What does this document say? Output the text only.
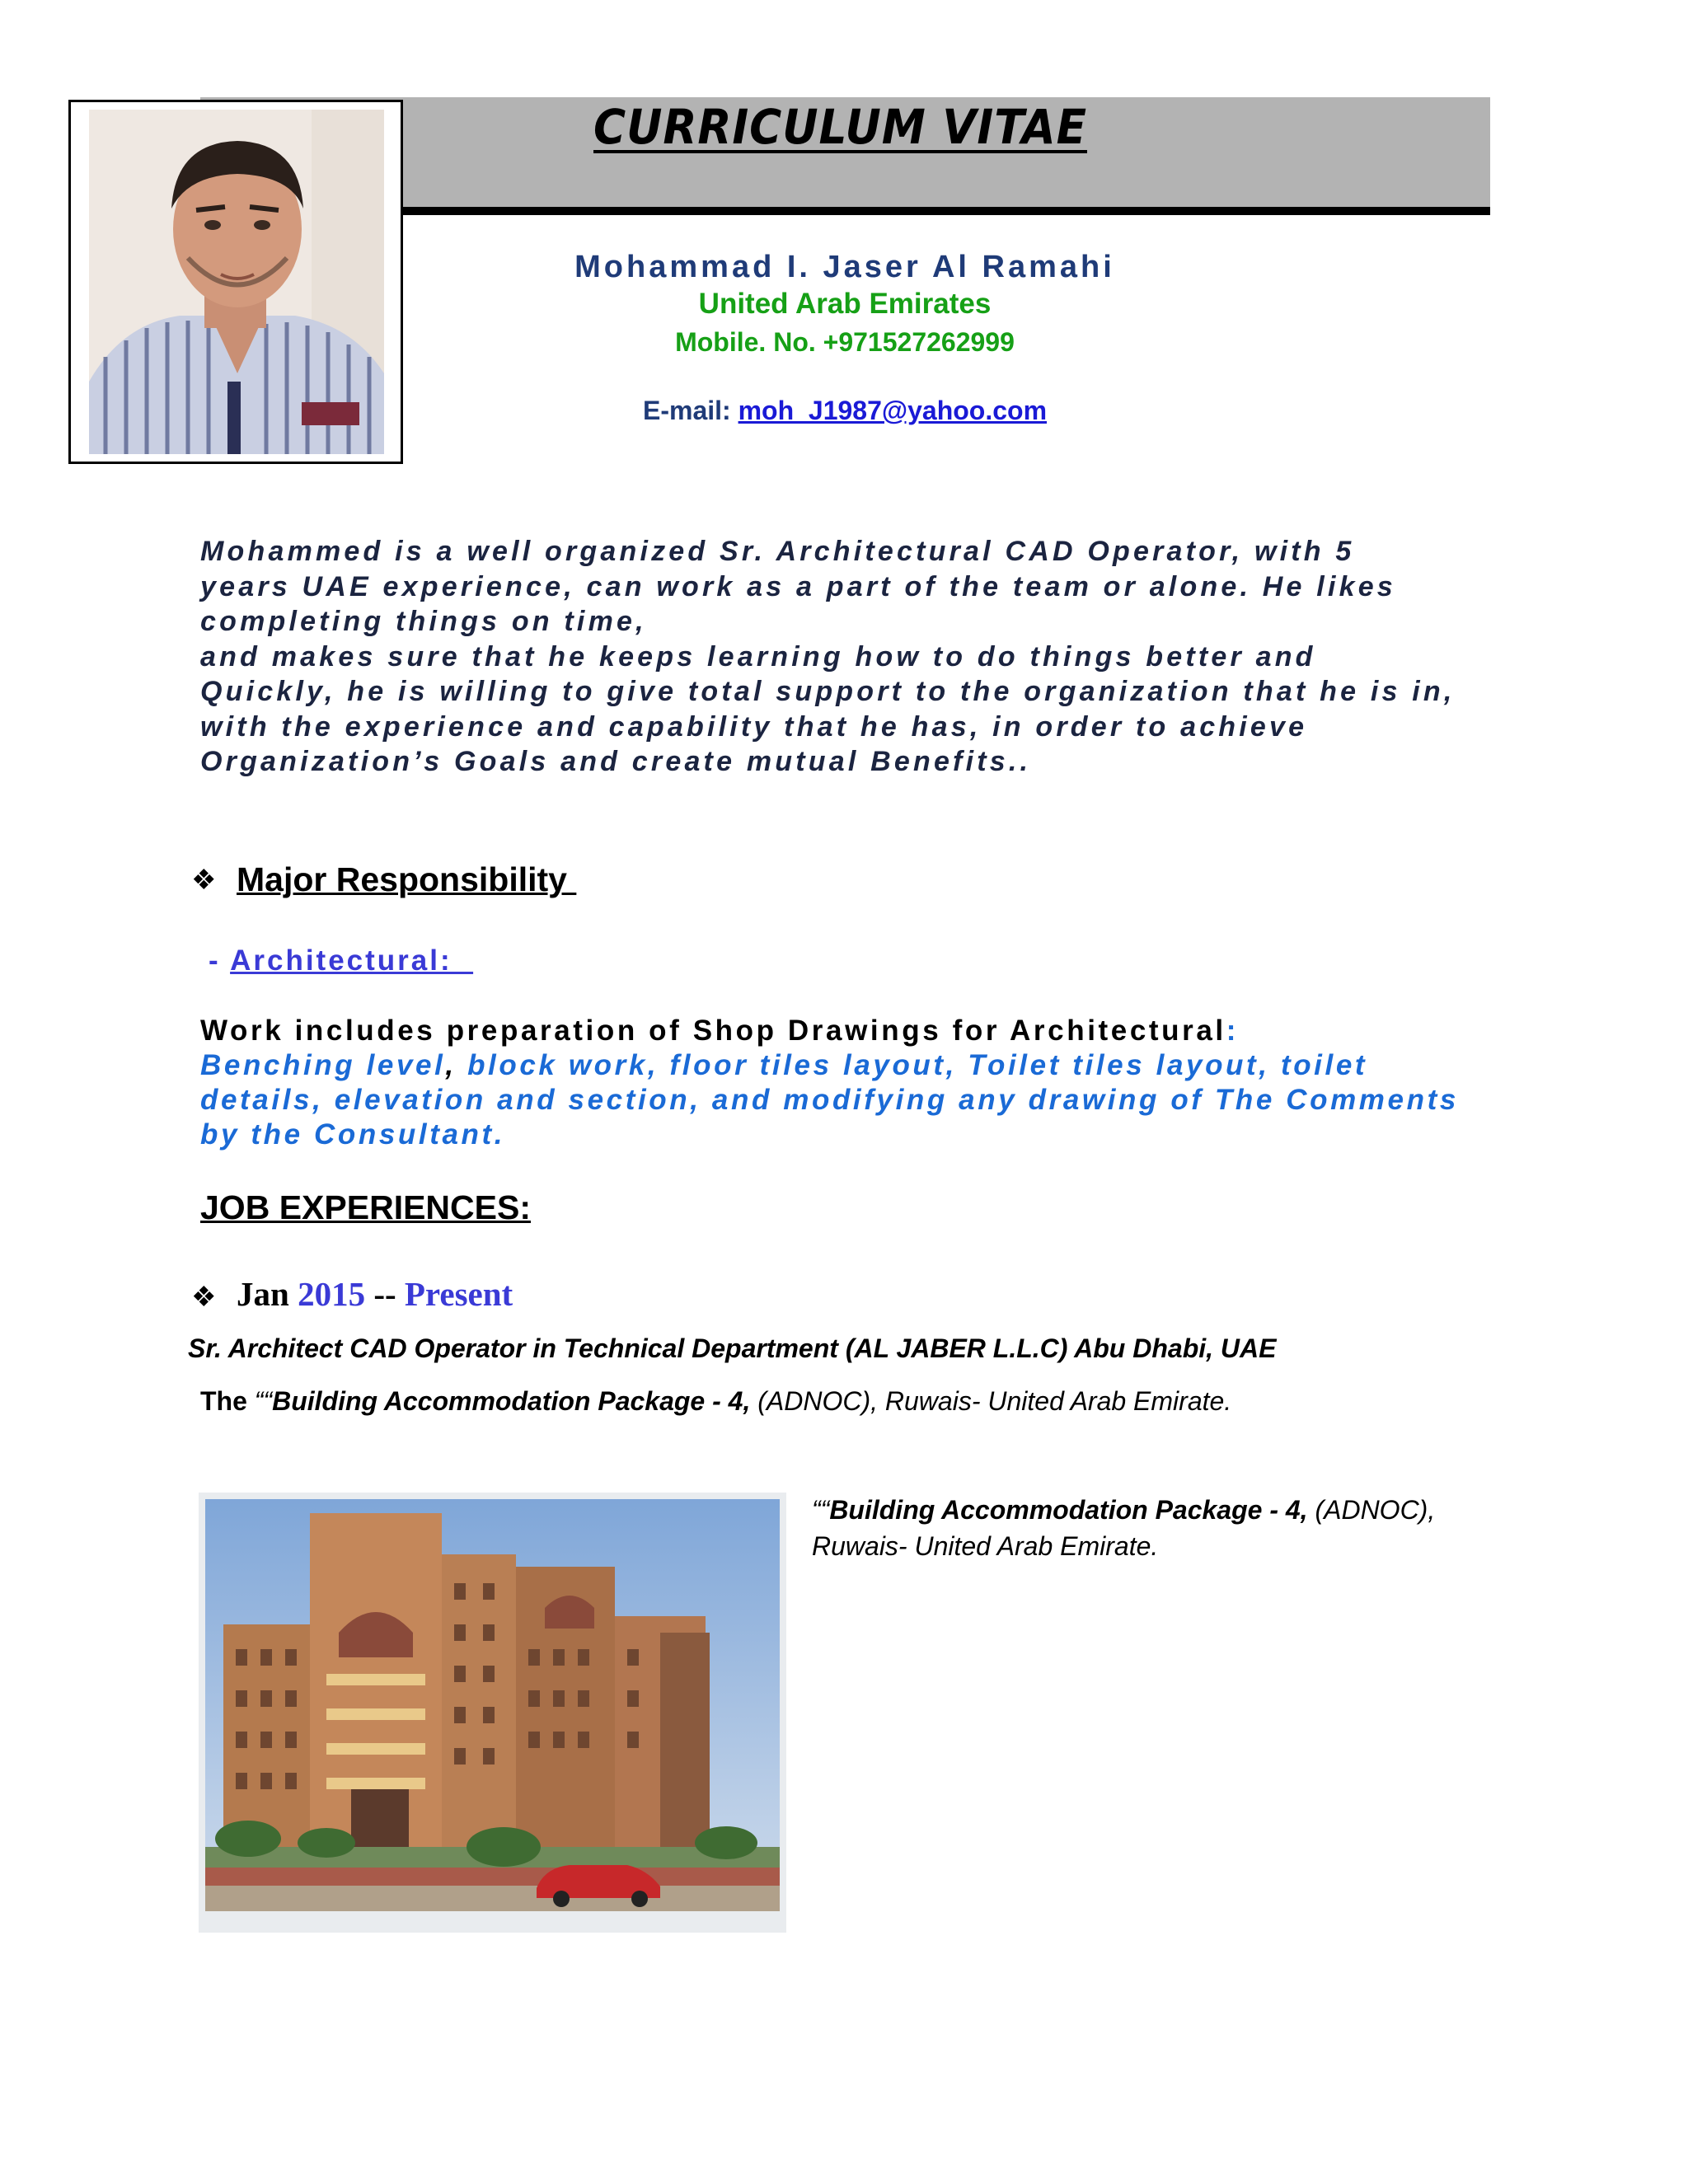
CURRICULUM VITAE
Mohammad I. Jaser Al Ramahi
United Arab Emirates
Mobile. No. +971527262999
E-mail: moh_J1987@yahoo.com
Mohammed is a well organized Sr. Architectural CAD Operator, with 5
years UAE experience, can work as a part of the team or alone. He likes
completing things on time,
and makes sure that he keeps learning how to do things better and
Quickly, he is willing to give total support to the organization that he is in,
with the experience and capability that he has, in order to achieve
Organization’s Goals and create mutual Benefits..
❖ Major Responsibility
- Architectural:
Work includes preparation of Shop Drawings for Architectural:
Benching level, block work, floor tiles layout, Toilet tiles layout, toilet details, elevation and section, and modifying any drawing of The Comments by the Consultant.
JOB EXPERIENCES:
❖ Jan 2015 -- Present
Sr. Architect CAD Operator in Technical Department (AL JABER L.L.C) Abu Dhabi, UAE
The ““Building Accommodation Package - 4, (ADNOC), Ruwais- United Arab Emirate.
““Building Accommodation Package - 4, (ADNOC), Ruwais- United Arab Emirate.
